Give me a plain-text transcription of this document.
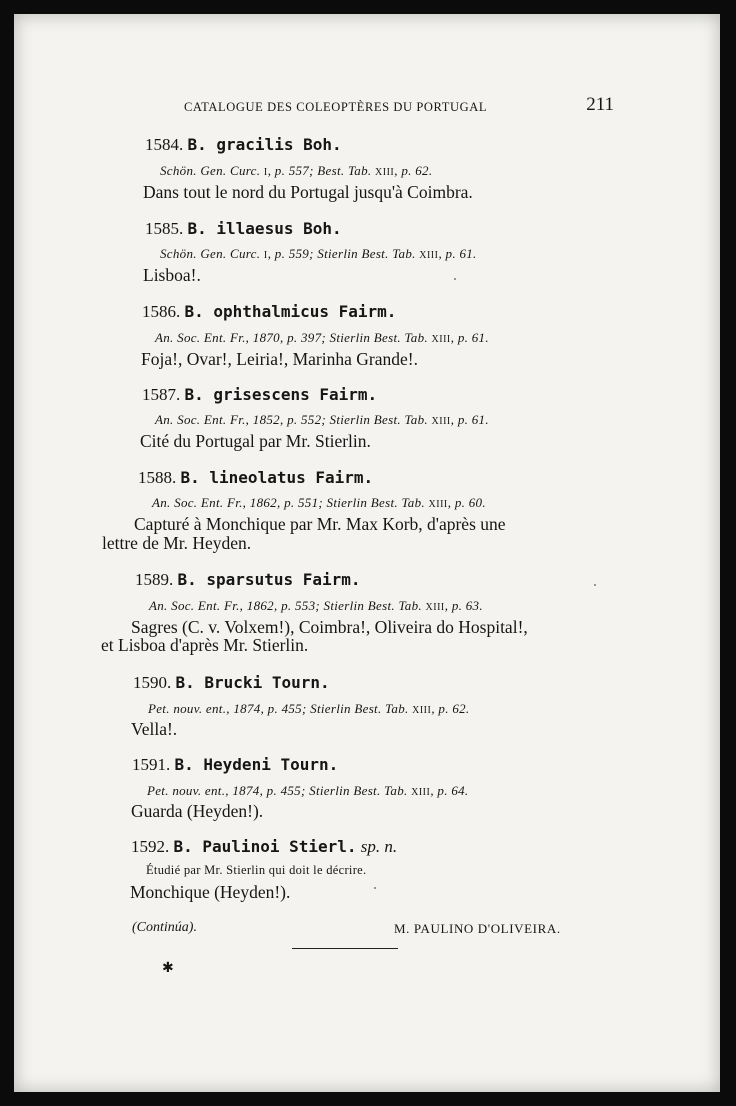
CATALOGUE DES COLEOPTÈRES DU PORTUGAL	211
1584. B. gracilis Boh.
Schön. Gen. Curc. I, p. 557; Best. Tab. XIII, p. 62.
Dans tout le nord du Portugal jusqu'à Coimbra.
1585. B. illaesus Boh.
Schön. Gen. Curc. I, p. 559; Stierlin Best. Tab. XIII, p. 61.
Lisboa!.
1586. B. ophthalmicus Fairm.
An. Soc. Ent. Fr., 1870, p. 397; Stierlin Best. Tab. XIII, p. 61.
Foja!, Ovar!, Leiria!, Marinha Grande!.
1587. B. grisescens Fairm.
An. Soc. Ent. Fr., 1852, p. 552; Stierlin Best. Tab. XIII, p. 61.
Cité du Portugal par Mr. Stierlin.
1588. B. lineolatus Fairm.
An. Soc. Ent. Fr., 1862, p. 551; Stierlin Best. Tab. XIII, p. 60.
Capturé à Monchique par Mr. Max Korb, d'après une
lettre de Mr. Heyden.
1589. B. sparsutus Fairm.
An. Soc. Ent. Fr., 1862, p. 553; Stierlin Best. Tab. XIII, p. 63.
Sagres (C. v. Volxem!), Coimbra!, Oliveira do Hospital!,
et Lisboa d'après Mr. Stierlin.
1590. B. Brucki Tourn.
Pet. nouv. ent., 1874, p. 455; Stierlin Best. Tab. XIII, p. 62.
Vella!.
1591. B. Heydeni Tourn.
Pet. nouv. ent., 1874, p. 455; Stierlin Best. Tab. XIII, p. 64.
Guarda (Heyden!).
1592. B. Paulinoi Stierl. sp. n.
Étudié par Mr. Stierlin qui doit le décrire.
Monchique (Heyden!).
(Continúa).	M. PAULINO D'OLIVEIRA.
✱
